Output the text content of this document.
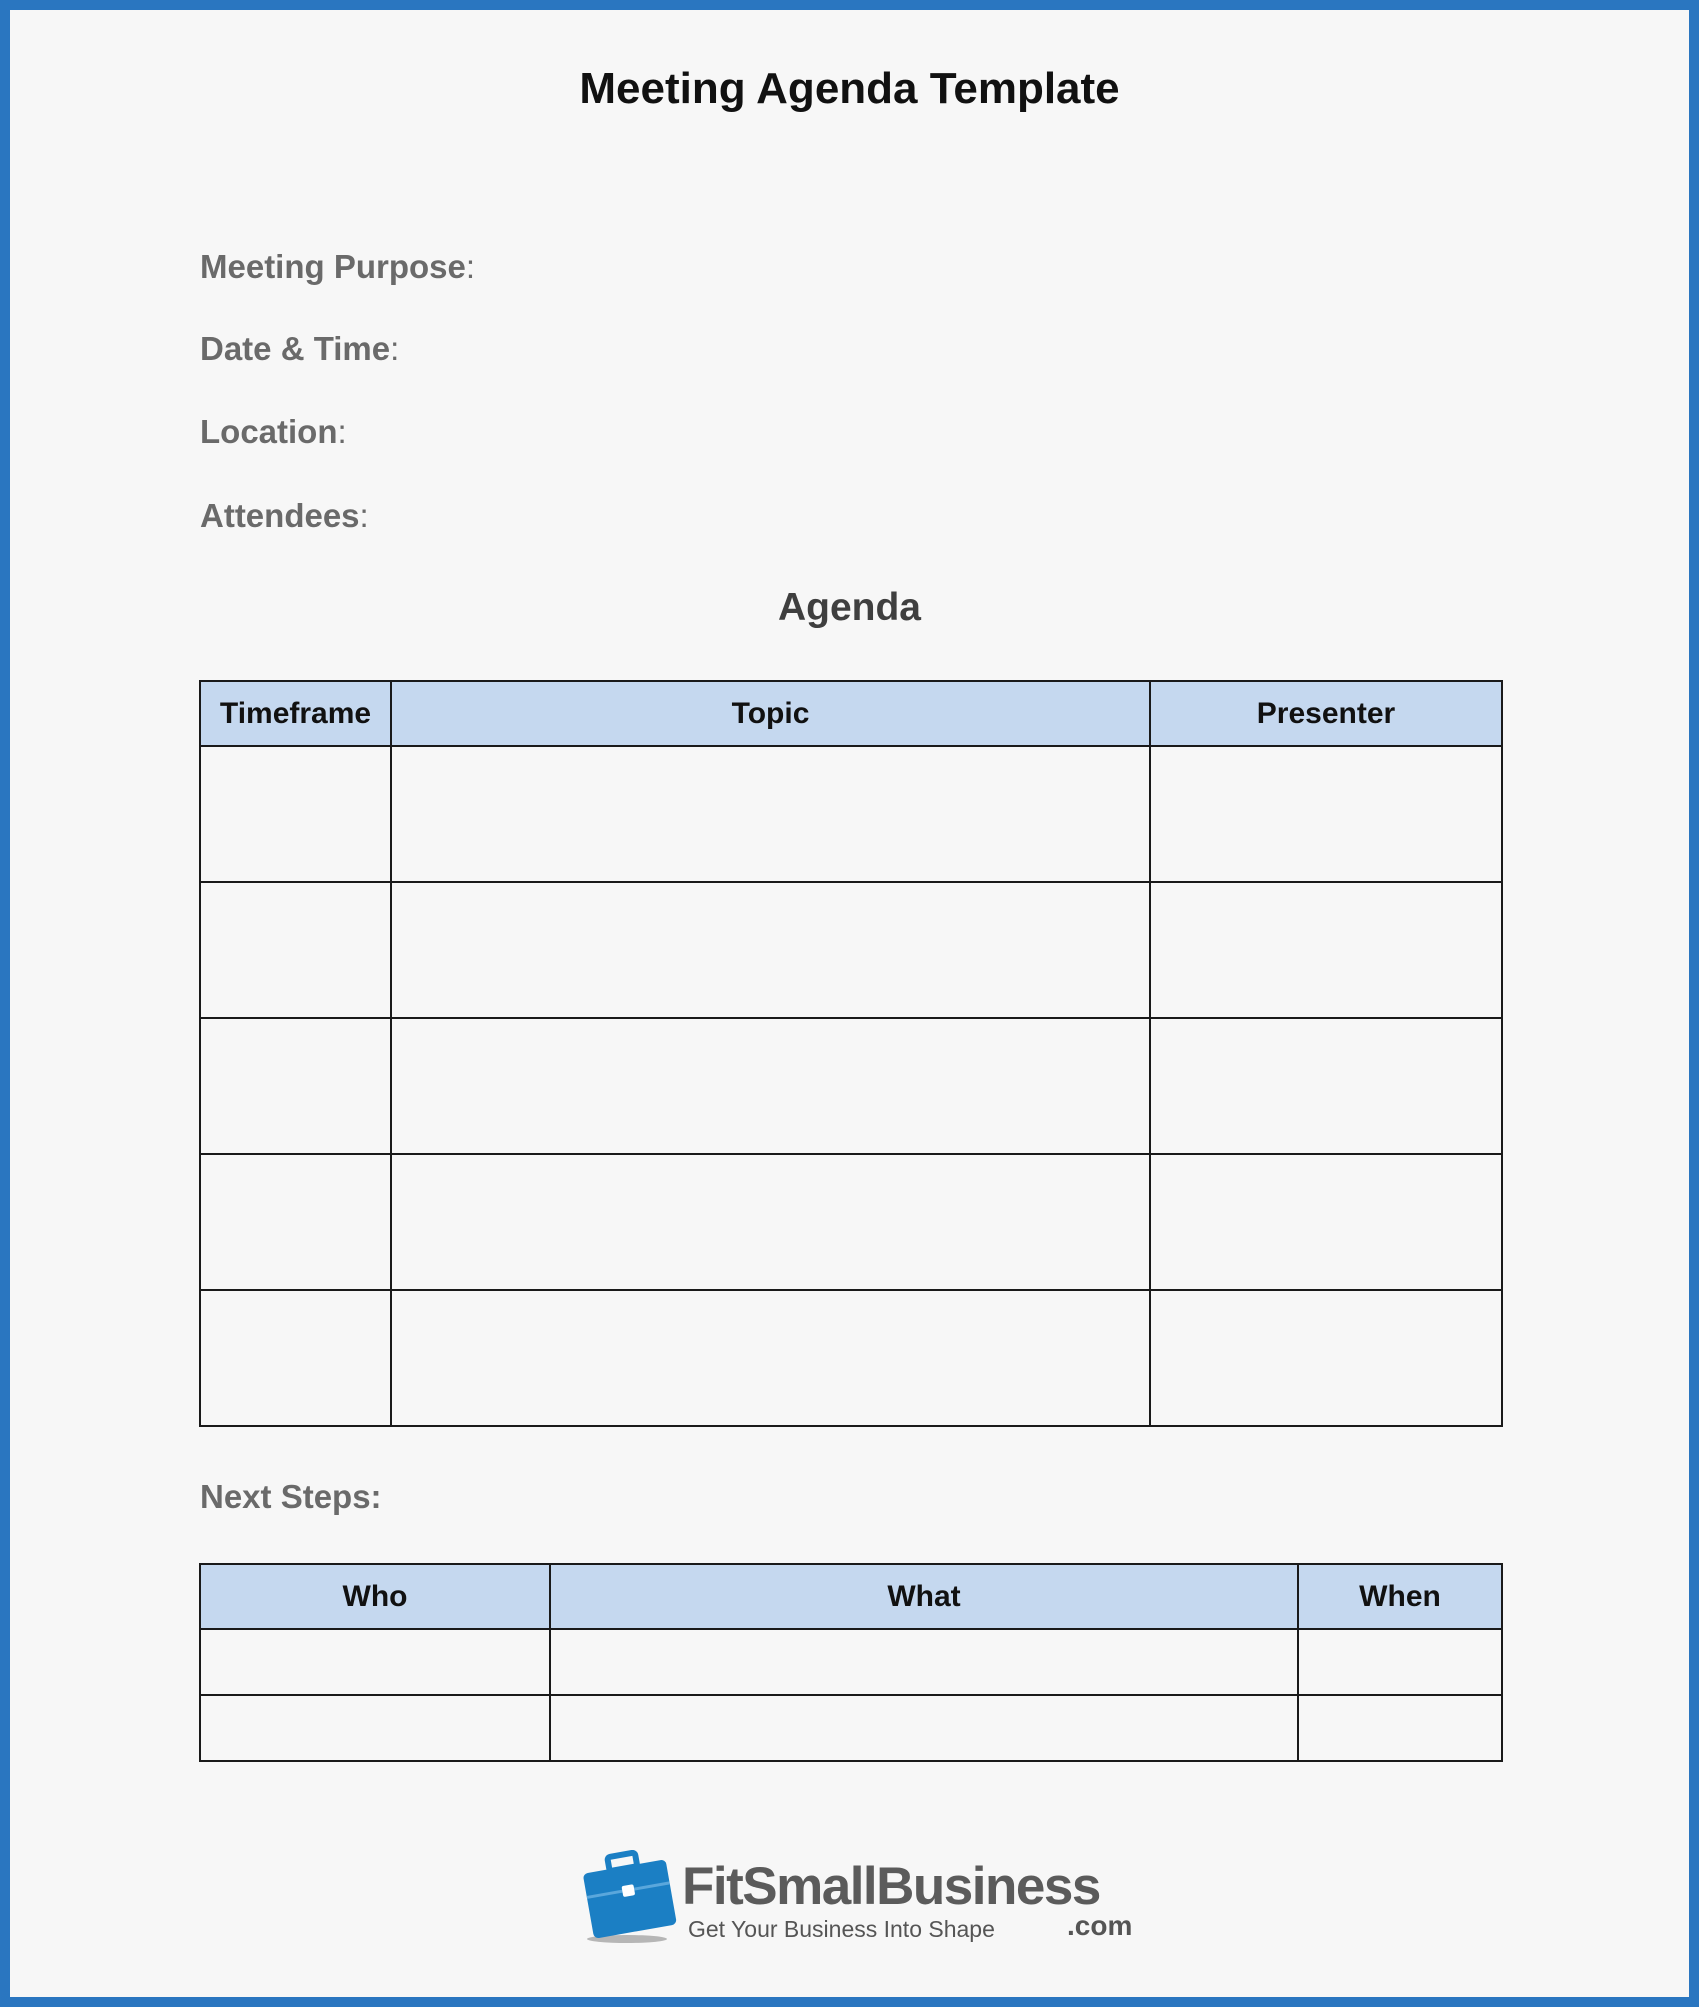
Meeting Agenda Template
Meeting Purpose:
Date & Time:
Location:
Attendees:
Agenda
Timeframe	Topic	Presenter

Next Steps:
Who	What	When

FitSmallBusiness
Get Your Business Into Shape	.com
